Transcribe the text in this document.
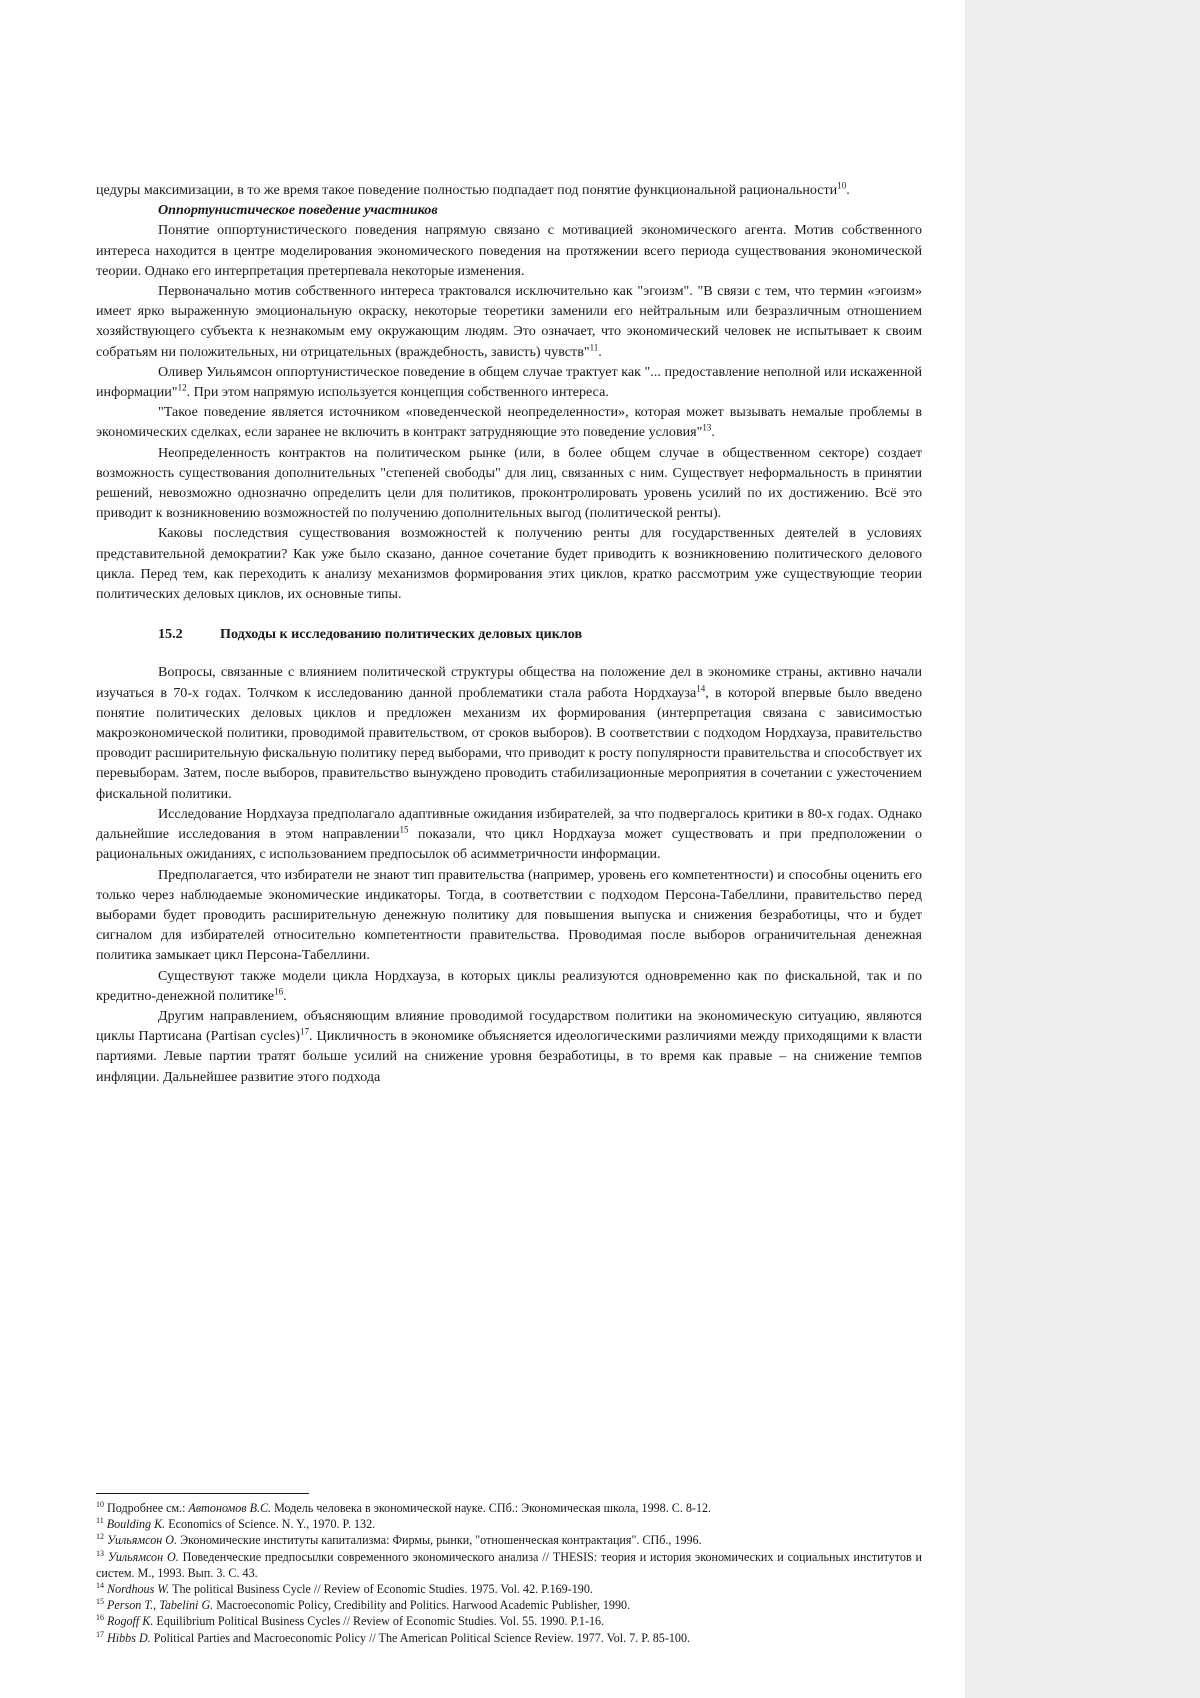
цедуры максимизации, в то же время такое поведение полностью подпадает под понятие функциональной рациональности$^{10}$.

Оппортунистическое поведение участников

Понятие оппортунистического поведения напрямую связано с мотивацией экономического агента. Мотив собственного интереса находится в центре моделирования экономического поведения на протяжении всего периода существования экономической теории. Однако его интерпретация претерпевала некоторые изменения.

Первоначально мотив собственного интереса трактовался исключительно как "эгоизм". "В связи с тем, что термин «эгоизм» имеет ярко выраженную эмоциональную окраску, некоторые теоретики заменили его нейтральным или безразличным отношением хозяйствующего субъекта к незнакомым ему окружающим людям. Это означает, что экономический человек не испытывает к своим собратьям ни положительных, ни отрицательных (враждебность, зависть) чувств"$^{11}$.

Оливер Уильямсон оппортунистическое поведение в общем случае трактует как "... предоставление неполной или искаженной информации"$^{12}$. При этом напрямую используется концепция собственного интереса.

"Такое поведение является источником «поведенческой неопределенности», которая может вызывать немалые проблемы в экономических сделках, если заранее не включить в контракт затрудняющие это поведение условия"$^{13}$.

Неопределенность контрактов на политическом рынке (или, в более общем случае в общественном секторе) создает возможность существования дополнительных "степеней свободы" для лиц, связанных с ним. Существует неформальность в принятии решений, невозможно однозначно определить цели для политиков, проконтролировать уровень усилий по их достижению. Всё это приводит к возникновению возможностей по получению дополнительных выгод (политической ренты).

Каковы последствия существования возможностей к получению ренты для государственных деятелей в условиях представительной демократии? Как уже было сказано, данное сочетание будет приводить к возникновению политического делового цикла. Перед тем, как переходить к анализу механизмов формирования этих циклов, кратко рассмотрим уже существующие теории политических деловых циклов, их основные типы.

15.2	Подходы к исследованию политических деловых циклов

Вопросы, связанные с влиянием политической структуры общества на положение дел в экономике страны, активно начали изучаться в 70-х годах. Толчком к исследованию данной проблематики стала работа Нордхауза$^{14}$, в которой впервые было введено понятие политических деловых циклов и предложен механизм их формирования (интерпретация связана с зависимостью макроэкономической политики, проводимой правительством, от сроков выборов). В соответствии с подходом Нордхауза, правительство проводит расширительную фискальную политику перед выборами, что приводит к росту популярности правительства и способствует их перевыборам. Затем, после выборов, правительство вынуждено проводить стабилизационные мероприятия в сочетании с ужесточением фискальной политики.

Исследование Нордхауза предполагало адаптивные ожидания избирателей, за что подвергалось критики в 80-х годах. Однако дальнейшие исследования в этом направлении$^{15}$ показали, что цикл Нордхауза может существовать и при предположении о рациональных ожиданиях, с использованием предпосылок об асимметричности информации.

Предполагается, что избиратели не знают тип правительства (например, уровень его компетентности) и способны оценить его только через наблюдаемые экономические индикаторы. Тогда, в соответствии с подходом Персона-Табеллини, правительство перед выборами будет проводить расширительную денежную политику для повышения выпуска и снижения безработицы, что и будет сигналом для избирателей относительно компетентности правительства. Проводимая после выборов ограничительная денежная политика замыкает цикл Персона-Табеллини.

Существуют также модели цикла Нордхауза, в которых циклы реализуются одновременно как по фискальной, так и по кредитно-денежной политике$^{16}$.

Другим направлением, объясняющим влияние проводимой государством политики на экономическую ситуацию, являются циклы Партисана (Partisan cycles)$^{17}$. Цикличность в экономике объясняется идеологическими различиями между приходящими к власти партиями. Левые партии тратят больше усилий на снижение уровня безработицы, в то время как правые – на снижение темпов инфляции. Дальнейшее развитие этого подхода

$^{10}$ Подробнее см.: Автономов В.С. Модель человека в экономической науке. СПб.: Экономическая школа, 1998. С. 8-12.

$^{11}$ Boulding K. Economics of Science. N. Y., 1970. P. 132.

$^{12}$ Уильямсон О. Экономические институты капитализма: Фирмы, рынки, "отношенческая контрактация". СПб., 1996.

$^{13}$ Уильямсон О. Поведенческие предпосылки современного экономического анализа // THESIS: теория и история экономических и социальных институтов и систем. М., 1993. Вып. 3. С. 43.

$^{14}$ Nordhous W. The political Business Cycle // Review of Economic Studies. 1975. Vol. 42. P.169-190.

$^{15}$ Person T., Tabelini G. Macroeconomic Policy, Credibility and Politics. Harwood Academic Publisher, 1990.

$^{16}$ Rogoff K. Equilibrium Political Business Cycles // Review of Economic Studies. Vol. 55. 1990. P.1-16.

$^{17}$ Hibbs D. Political Parties and Macroeconomic Policy // The American Political Science Review. 1977. Vol. 7. P. 85-100.
